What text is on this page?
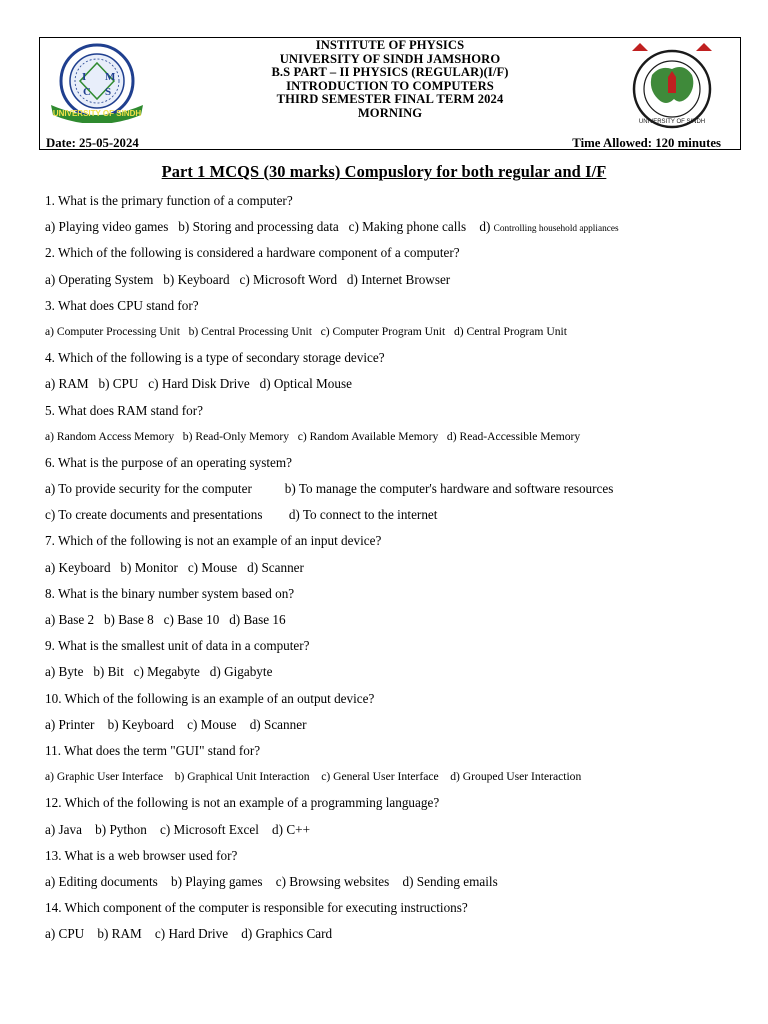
I M
C S
UNIVERSITY OF SINDH
INSTITUTE OF PHYSICS
UNIVERSITY OF SINDH JAMSHORO
B.S PART – II PHYSICS (REGULAR)(I/F)
INTRODUCTION TO COMPUTERS
THIRD SEMESTER FINAL TERM 2024
MORNING
UNIVERSITY OF SINDH
Date: 25-05-2024	Time Allowed: 120 minutes
Part 1 MCQS (30 marks) Compuslory for both regular and I/F
1. What is the primary function of a computer?
a) Playing video games   b) Storing and processing data   c) Making phone calls    d) Controlling household appliances
2. Which of the following is considered a hardware component of a computer?
a) Operating System   b) Keyboard   c) Microsoft Word   d) Internet Browser
3. What does CPU stand for?
a) Computer Processing Unit   b) Central Processing Unit   c) Computer Program Unit   d) Central Program Unit
4. Which of the following is a type of secondary storage device?
a) RAM   b) CPU   c) Hard Disk Drive   d) Optical Mouse
5. What does RAM stand for?
a) Random Access Memory   b) Read-Only Memory   c) Random Available Memory   d) Read-Accessible Memory
6. What is the purpose of an operating system?
a) To provide security for the computer          b) To manage the computer's hardware and software resources
c) To create documents and presentations        d) To connect to the internet
7. Which of the following is not an example of an input device?
a) Keyboard   b) Monitor   c) Mouse   d) Scanner
8. What is the binary number system based on?
a) Base 2   b) Base 8   c) Base 10   d) Base 16
9. What is the smallest unit of data in a computer?
a) Byte   b) Bit   c) Megabyte   d) Gigabyte
10. Which of the following is an example of an output device?
a) Printer    b) Keyboard    c) Mouse    d) Scanner
11. What does the term "GUI" stand for?
a) Graphic User Interface    b) Graphical Unit Interaction    c) General User Interface    d) Grouped User Interaction
12. Which of the following is not an example of a programming language?
a) Java    b) Python    c) Microsoft Excel    d) C++
13. What is a web browser used for?
a) Editing documents    b) Playing games    c) Browsing websites    d) Sending emails
14. Which component of the computer is responsible for executing instructions?
a) CPU    b) RAM    c) Hard Drive    d) Graphics Card
